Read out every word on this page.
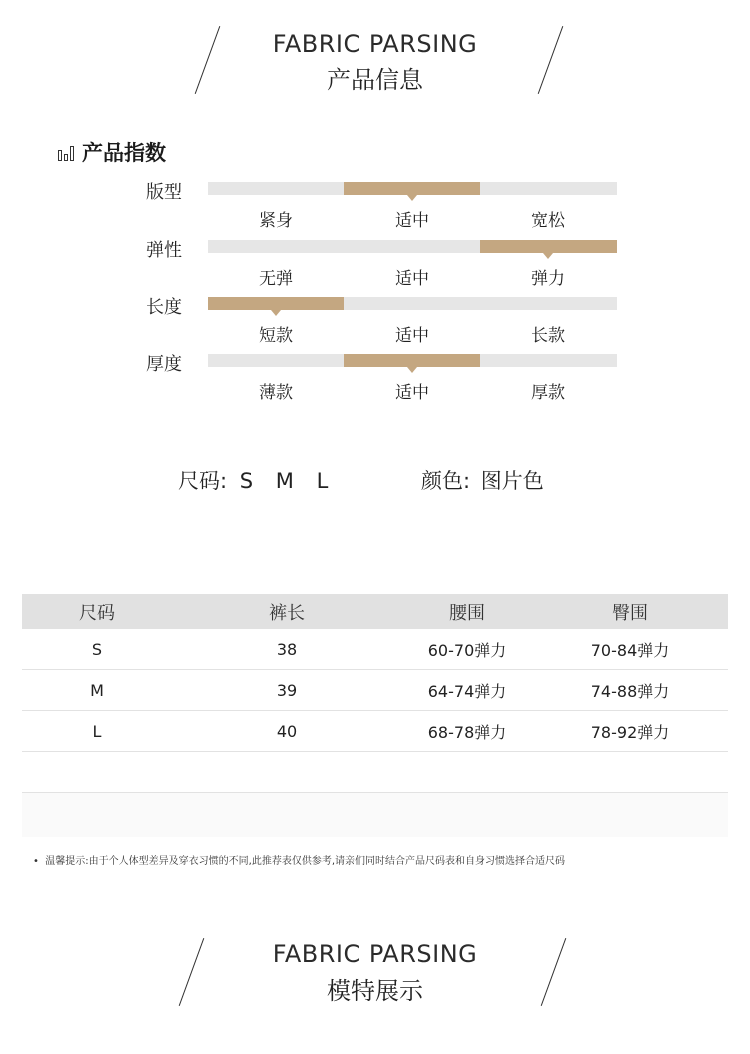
FABRIC PARSING
产品信息
产品指数
版型
紧身	适中	宽松
弹性
无弹	适中	弹力
长度
短款	适中	长款
厚度
薄款	适中	厚款
尺码: S M L	颜色: 图片色
尺码	裤长	腰围	臀围
S	38	60-70弹力	70-84弹力
M	39	64-74弹力	74-88弹力
L	40	68-78弹力	78-92弹力
•  温馨提示:由于个人体型差异及穿衣习惯的不同,此推荐表仅供参考,请亲们同时结合产品尺码表和自身习惯选择合适尺码
FABRIC PARSING
模特展示
